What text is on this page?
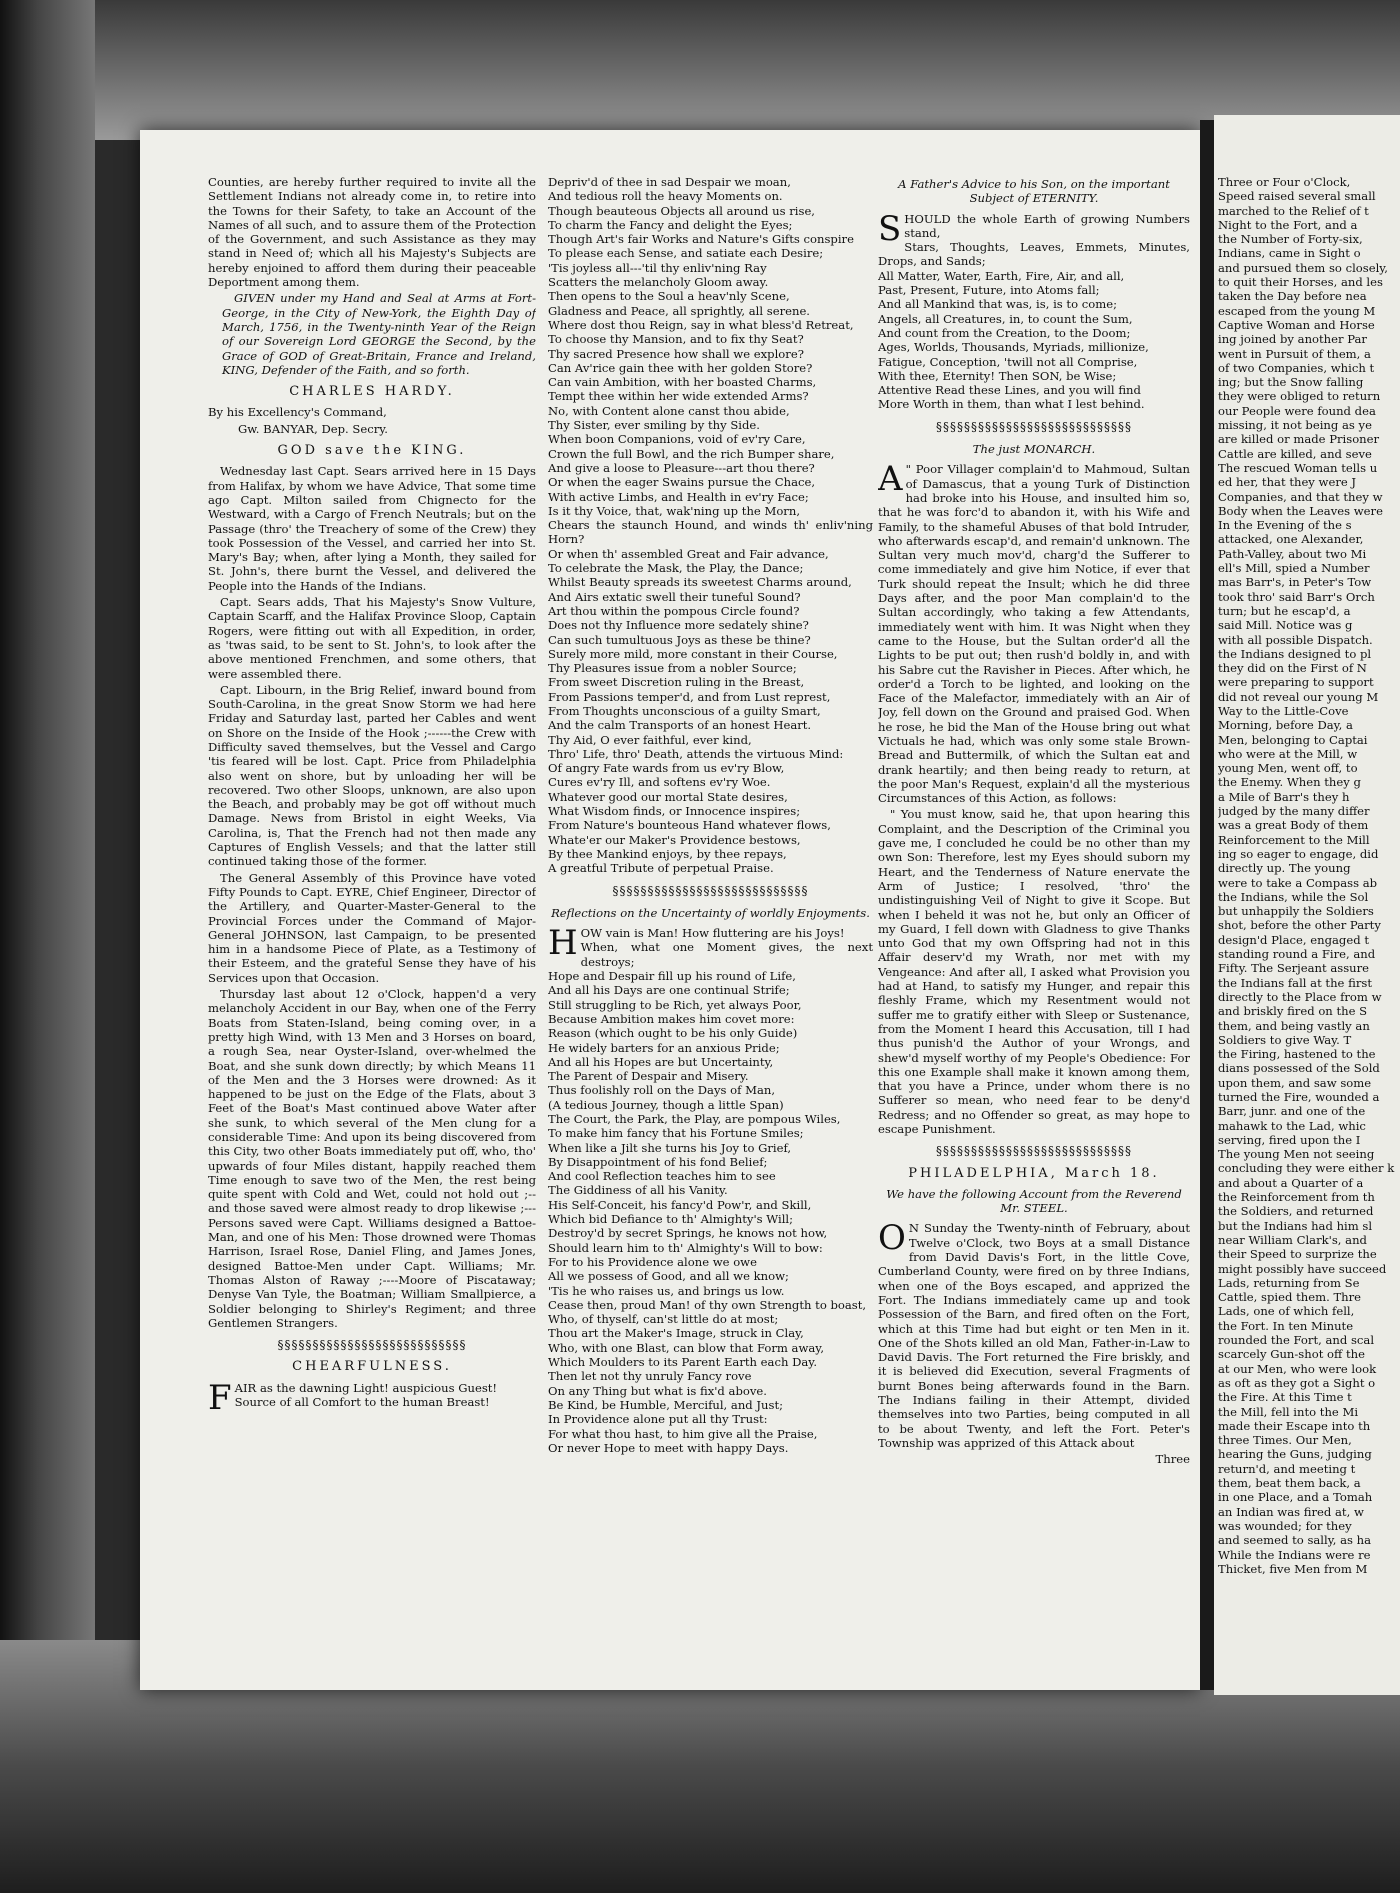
Counties, are hereby further required to invite all the Settlement Indians not already come in, to retire into the Towns for their Safety, to take an Account of the Names of all such, and to assure them of the Protection of the Government, and such Assistance as they may stand in Need of; which all his Majesty's Subjects are hereby enjoined to afford them during their peaceable Deportment among them.

GIVEN under my Hand and Seal at Arms at Fort-George, in the City of New-York, the Eighth Day of March, 1756, in the Twenty-ninth Year of the Reign of our Sovereign Lord GEORGE the Second, by the Grace of GOD of Great-Britain, France and Ireland, KING, Defender of the Faith, and so forth.

CHARLES HARDY.

By his Excellency's Command,

Gw. BANYAR, Dep. Secry.

GOD save the KING.

Wednesday last Capt. Sears arrived here in 15 Days from Halifax, by whom we have Advice, That some time ago Capt. Milton sailed from Chignecto for the Westward, with a Cargo of French Neutrals; but on the Passage (thro' the Treachery of some of the Crew) they took Possession of the Vessel, and carried her into St. Mary's Bay; when, after lying a Month, they sailed for St. John's, there burnt the Vessel, and delivered the People into the Hands of the Indians.

Capt. Sears adds, That his Majesty's Snow Vulture, Captain Scarff, and the Halifax Province Sloop, Captain Rogers, were fitting out with all Expedition, in order, as 'twas said, to be sent to St. John's, to look after the above mentioned Frenchmen, and some others, that were assembled there.

Capt. Libourn, in the Brig Relief, inward bound from South-Carolina, in the great Snow Storm we had here Friday and Saturday last, parted her Cables and went on Shore on the Inside of the Hook ;------the Crew with Difficulty saved themselves, but the Vessel and Cargo 'tis feared will be lost. Capt. Price from Philadelphia also went on shore, but by unloading her will be recovered. Two other Sloops, unknown, are also upon the Beach, and probably may be got off without much Damage. News from Bristol in eight Weeks, Via Carolina, is, That the French had not then made any Captures of English Vessels; and that the latter still continued taking those of the former.

The General Assembly of this Province have voted Fifty Pounds to Capt. EYRE, Chief Engineer, Director of the Artillery, and Quarter-Master-General to the Provincial Forces under the Command of Major-General JOHNSON, last Campaign, to be presented him in a handsome Piece of Plate, as a Testimony of their Esteem, and the grateful Sense they have of his Services upon that Occasion.

Thursday last about 12 o'Clock, happen'd a very melancholy Accident in our Bay, when one of the Ferry Boats from Staten-Island, being coming over, in a pretty high Wind, with 13 Men and 3 Horses on board, a rough Sea, near Oyster-Island, over-whelmed the Boat, and she sunk down directly; by which Means 11 of the Men and the 3 Horses were drowned: As it happened to be just on the Edge of the Flats, about 3 Feet of the Boat's Mast continued above Water after she sunk, to which several of the Men clung for a considerable Time: And upon its being discovered from this City, two other Boats immediately put off, who, tho' upwards of four Miles distant, happily reached them Time enough to save two of the Men, the rest being quite spent with Cold and Wet, could not hold out ;--and those saved were almost ready to drop likewise ;---Persons saved were Capt. Williams designed a Battoe-Man, and one of his Men: Those drowned were Thomas Harrison, Israel Rose, Daniel Fling, and James Jones, designed Battoe-Men under Capt. Williams; Mr. Thomas Alston of Raway ;----Moore of Piscataway; Denyse Van Tyle, the Boatman; William Smallpierce, a Soldier belonging to Shirley's Regiment; and three Gentlemen Strangers.

§§§§§§§§§§§§§§§§§§§§§§§§§§§
CHEARFULNESS.
F AIR as the dawning Light! auspicious Guest!
Source of all Comfort to the human Breast!

Depriv'd of thee in sad Despair we moan,
And tedious roll the heavy Moments on.
Though beauteous Objects all around us rise,
To charm the Fancy and delight the Eyes;
Though Art's fair Works and Nature's Gifts conspire
To please each Sense, and satiate each Desire;
'Tis joyless all---'til thy enliv'ning Ray
Scatters the melancholy Gloom away.
Then opens to the Soul a heav'nly Scene,
Gladness and Peace, all sprightly, all serene.
Where dost thou Reign, say in what bless'd Retreat,
To choose thy Mansion, and to fix thy Seat?
Thy sacred Presence how shall we explore?
Can Av'rice gain thee with her golden Store?
Can vain Ambition, with her boasted Charms,
Tempt thee within her wide extended Arms?
No, with Content alone canst thou abide,
Thy Sister, ever smiling by thy Side.
When boon Companions, void of ev'ry Care,
Crown the full Bowl, and the rich Bumper share,
And give a loose to Pleasure---art thou there?
Or when the eager Swains pursue the Chace,
With active Limbs, and Health in ev'ry Face;
Is it thy Voice, that, wak'ning up the Morn,
Chears the staunch Hound, and winds th' enliv'ning Horn?
Or when th' assembled Great and Fair advance,
To celebrate the Mask, the Play, the Dance;
Whilst Beauty spreads its sweetest Charms around,
And Airs extatic swell their tuneful Sound?
Art thou within the pompous Circle found?
Does not thy Influence more sedately shine?
Can such tumultuous Joys as these be thine?
Surely more mild, more constant in their Course,
Thy Pleasures issue from a nobler Source;
From sweet Discretion ruling in the Breast,
From Passions temper'd, and from Lust represt,
From Thoughts unconscious of a guilty Smart,
And the calm Transports of an honest Heart.
Thy Aid, O ever faithful, ever kind,
Thro' Life, thro' Death, attends the virtuous Mind:
Of angry Fate wards from us ev'ry Blow,
Cures ev'ry Ill, and softens ev'ry Woe.
Whatever good our mortal State desires,
What Wisdom finds, or Innocence inspires;
From Nature's bounteous Hand whatever flows,
Whate'er our Maker's Providence bestows,
By thee Mankind enjoys, by thee repays,
A greatful Tribute of perpetual Praise.

§§§§§§§§§§§§§§§§§§§§§§§§§§§§
Reflections on the Uncertainty of worldly Enjoyments.
H OW vain is Man! How fluttering are his Joys!
When, what one Moment gives, the next destroys;
Hope and Despair fill up his round of Life,
And all his Days are one continual Strife;
Still struggling to be Rich, yet always Poor,
Because Ambition makes him covet more:
Reason (which ought to be his only Guide)
He widely barters for an anxious Pride;
And all his Hopes are but Uncertainty,
The Parent of Despair and Misery.
Thus foolishly roll on the Days of Man,
(A tedious Journey, though a little Span)
The Court, the Park, the Play, are pompous Wiles,
To make him fancy that his Fortune Smiles;
When like a Jilt she turns his Joy to Grief,
By Disappointment of his fond Belief;
And cool Reflection teaches him to see
The Giddiness of all his Vanity.
His Self-Conceit, his fancy'd Pow'r, and Skill,
Which bid Defiance to th' Almighty's Will;
Destroy'd by secret Springs, he knows not how,
Should learn him to th' Almighty's Will to bow:
For to his Providence alone we owe
All we possess of Good, and all we know;
'Tis he who raises us, and brings us low.
Cease then, proud Man! of thy own Strength to boast,
Who, of thyself, can'st little do at most;
Thou art the Maker's Image, struck in Clay,
Who, with one Blast, can blow that Form away,
Which Moulders to its Parent Earth each Day.
Then let not thy unruly Fancy rove
On any Thing but what is fix'd above.
Be Kind, be Humble, Merciful, and Just;
In Providence alone put all thy Trust:
For what thou hast, to him give all the Praise,
Or never Hope to meet with happy Days.

A Father's Advice to his Son, on the important Subject of ETERNITY.
S HOULD the whole Earth of growing Numbers stand,
Stars, Thoughts, Leaves, Emmets, Minutes, Drops, and Sands;
All Matter, Water, Earth, Fire, Air, and all,
Past, Present, Future, into Atoms fall;
And all Mankind that was, is, is to come;
Angels, all Creatures, in, to count the Sum,
And count from the Creation, to the Doom;
Ages, Worlds, Thousands, Myriads, millionize,
Fatigue, Conception, 'twill not all Comprise,
With thee, Eternity! Then SON, be Wise;
Attentive Read these Lines, and you will find
More Worth in them, than what I lest behind.

§§§§§§§§§§§§§§§§§§§§§§§§§§§§
The just MONARCH.
A " Poor Villager complain'd to Mahmoud, Sultan of Damascus, that a young Turk of Distinction had broke into his House, and insulted him so, that he was forc'd to abandon it, with his Wife and Family, to the shameful Abuses of that bold Intruder, who afterwards escap'd, and remain'd unknown. The Sultan very much mov'd, charg'd the Sufferer to come immediately and give him Notice, if ever that Turk should repeat the Insult; which he did three Days after, and the poor Man complain'd to the Sultan accordingly, who taking a few Attendants, immediately went with him. It was Night when they came to the House, but the Sultan order'd all the Lights to be put out; then rush'd boldly in, and with his Sabre cut the Ravisher in Pieces. After which, he order'd a Torch to be lighted, and looking on the Face of the Malefactor, immediately with an Air of Joy, fell down on the Ground and praised God. When he rose, he bid the Man of the House bring out what Victuals he had, which was only some stale Brown-Bread and Buttermilk, of which the Sultan eat and drank heartily; and then being ready to return, at the poor Man's Request, explain'd all the mysterious Circumstances of this Action, as follows:

" You must know, said he, that upon hearing this Complaint, and the Description of the Criminal you gave me, I concluded he could be no other than my own Son: Therefore, lest my Eyes should suborn my Heart, and the Tenderness of Nature enervate the Arm of Justice; I resolved, 'thro' the undistinguishing Veil of Night to give it Scope. But when I beheld it was not he, but only an Officer of my Guard, I fell down with Gladness to give Thanks unto God that my own Offspring had not in this Affair deserv'd my Wrath, nor met with my Vengeance: And after all, I asked what Provision you had at Hand, to satisfy my Hunger, and repair this fleshly Frame, which my Resentment would not suffer me to gratify either with Sleep or Sustenance, from the Moment I heard this Accusation, till I had thus punish'd the Author of your Wrongs, and shew'd myself worthy of my People's Obedience: For this one Example shall make it known among them, that you have a Prince, under whom there is no Sufferer so mean, who need fear to be deny'd Redress; and no Offender so great, as may hope to escape Punishment.

§§§§§§§§§§§§§§§§§§§§§§§§§§§§
PHILADELPHIA, March 18.
We have the following Account from the Reverend Mr. STEEL.
O N Sunday the Twenty-ninth of February, about Twelve o'Clock, two Boys at a small Distance from David Davis's Fort, in the little Cove, Cumberland County, were fired on by three Indians, when one of the Boys escaped, and apprized the Fort. The Indians immediately came up and took Possession of the Barn, and fired often on the Fort, which at this Time had but eight or ten Men in it. One of the Shots killed an old Man, Father-in-Law to David Davis. The Fort returned the Fire briskly, and it is believed did Execution, several Fragments of burnt Bones being afterwards found in the Barn. The Indians failing in their Attempt, divided themselves into two Parties, being computed in all to be about Twenty, and left the Fort. Peter's Township was apprized of this Attack about

Three

Three or Four o'Clock,
Speed raised several small
marched to the Relief of t
Night to the Fort, and a
the Number of Forty-six,
Indians, came in Sight o
and pursued them so closely,
to quit their Horses, and les
taken the Day before nea
escaped from the young M
Captive Woman and Horse
ing joined by another Par
went in Pursuit of them, a
of two Companies, which t
ing; but the Snow falling
they were obliged to return
our People were found dea
missing, it not being as ye
are killed or made Prisoner
Cattle are killed, and seve
The rescued Woman tells u
ed her, that they were J
Companies, and that they w
Body when the Leaves were
In the Evening of the s
attacked, one Alexander,
Path-Valley, about two Mi
ell's Mill, spied a Number
mas Barr's, in Peter's Tow
took thro' said Barr's Orch
turn; but he escap'd, a
said Mill. Notice was g
with all possible Dispatch.
the Indians designed to pl
they did on the First of N
were preparing to support
did not reveal our young M
Way to the Little-Cove
Morning, before Day, a
Men, belonging to Captai
who were at the Mill, w
young Men, went off, to
the Enemy. When they g
a Mile of Barr's they h
judged by the many differ
was a great Body of them
Reinforcement to the Mill
ing so eager to engage, did
directly up. The young
were to take a Compass ab
the Indians, while the Sol
but unhappily the Soldiers
shot, before the other Party
design'd Place, engaged t
standing round a Fire, and
Fifty. The Serjeant assure
the Indians fall at the first
directly to the Place from w
and briskly fired on the S
them, and being vastly an
Soldiers to give Way. T
the Firing, hastened to the
dians possessed of the Sold
upon them, and saw some
turned the Fire, wounded a
Barr, junr. and one of the
mahawk to the Lad, whic
serving, fired upon the I
The young Men not seeing
concluding they were either k
and about a Quarter of a
the Reinforcement from th
the Soldiers, and returned
but the Indians had him sl
near William Clark's, and
their Speed to surprize the
might possibly have succeed
Lads, returning from Se
Cattle, spied them. Thre
Lads, one of which fell,
the Fort. In ten Minute
rounded the Fort, and scal
scarcely Gun-shot off the
at our Men, who were look
as oft as they got a Sight o
the Fire. At this Time t
the Mill, fell into the Mi
made their Escape into th
three Times. Our Men,
hearing the Guns, judging
return'd, and meeting t
them, beat them back, a
in one Place, and a Tomah
an Indian was fired at, w
was wounded; for they
and seemed to sally, as ha
While the Indians were re
Thicket, five Men from M
